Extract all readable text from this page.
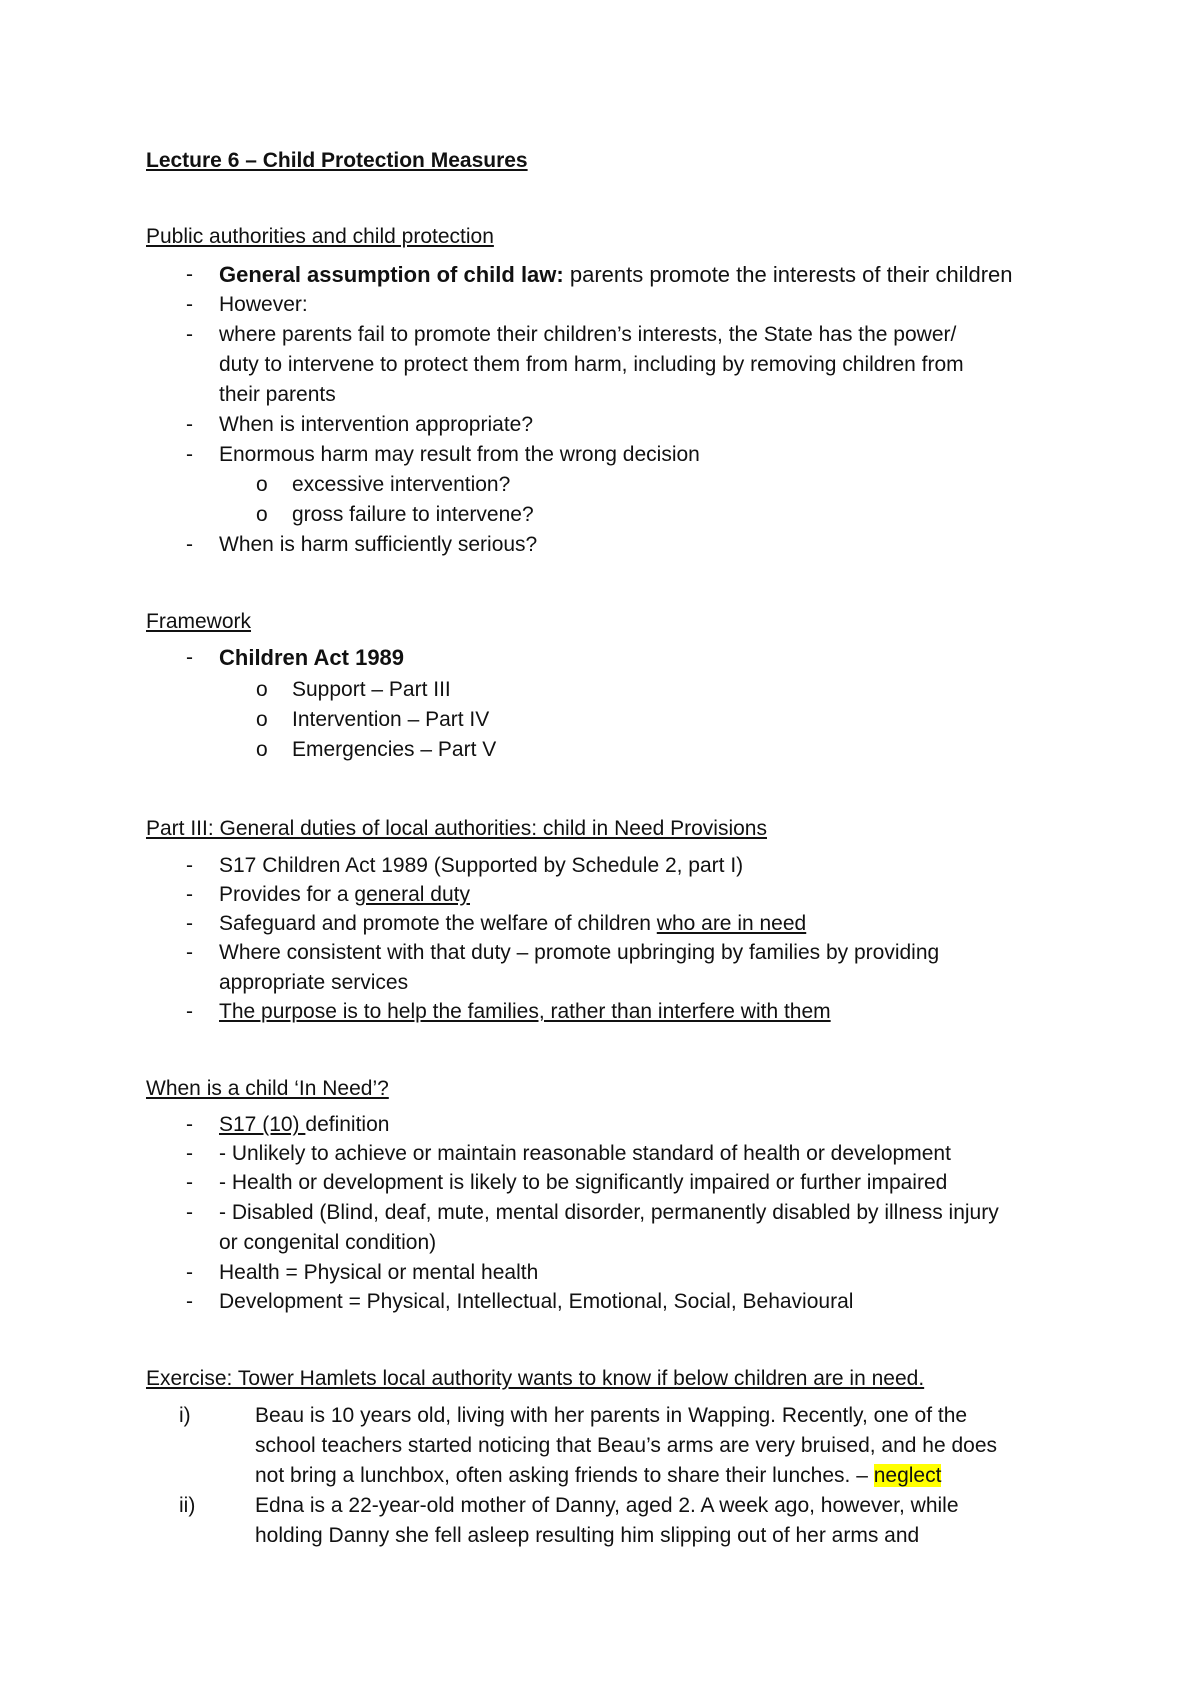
Lecture 6 – Child Protection Measures
Public authorities and child protection
- General assumption of child law: parents promote the interests of their children
- However:
- where parents fail to promote their children’s interests, the State has the power/
duty to intervene to protect them from harm, including by removing children from
their parents
- When is intervention appropriate?
- Enormous harm may result from the wrong decision
o excessive intervention?
o gross failure to intervene?
- When is harm sufficiently serious?
Framework
- Children Act 1989
o Support – Part III
o Intervention – Part IV
o Emergencies – Part V
Part III: General duties of local authorities: child in Need Provisions
- S17 Children Act 1989 (Supported by Schedule 2, part I)
- Provides for a general duty
- Safeguard and promote the welfare of children who are in need
- Where consistent with that duty – promote upbringing by families by providing
appropriate services
- The purpose is to help the families, rather than interfere with them
When is a child ‘In Need’?
- S17 (10) definition
- - Unlikely to achieve or maintain reasonable standard of health or development
- - Health or development is likely to be significantly impaired or further impaired
- - Disabled (Blind, deaf, mute, mental disorder, permanently disabled by illness injury
or congenital condition)
- Health = Physical or mental health
- Development = Physical, Intellectual, Emotional, Social, Behavioural
Exercise: Tower Hamlets local authority wants to know if below children are in need.
i)	Beau is 10 years old, living with her parents in Wapping. Recently, one of the
school teachers started noticing that Beau’s arms are very bruised, and he does
not bring a lunchbox, often asking friends to share their lunches. – neglect
ii)	Edna is a 22-year-old mother of Danny, aged 2. A week ago, however, while
holding Danny she fell asleep resulting him slipping out of her arms and
